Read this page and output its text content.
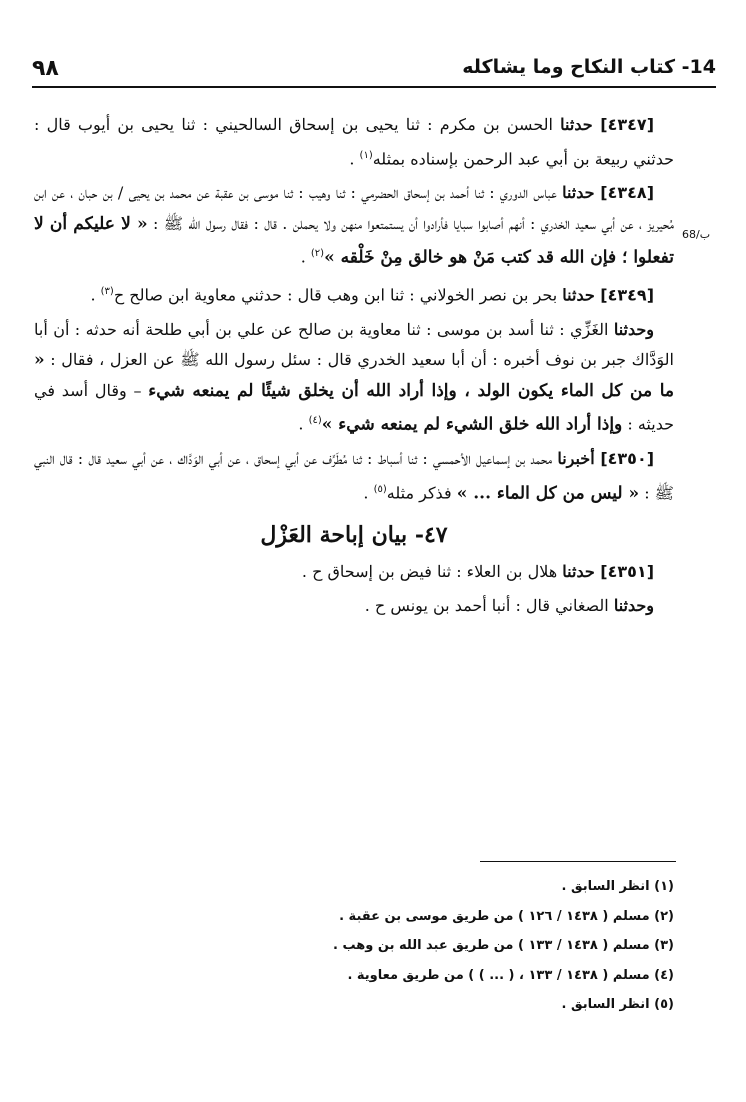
٩٨	14- كتاب النكاح وما يشاكله
68/ب

[٤٣٤٧] حدثنا الحسن بن مكرم : ثنا يحيى بن إسحاق السالحيني : ثنا يحيى بن أيوب قال : حدثني ربيعة بن أبي عبد الرحمن بإسناده بمثله$^{(١)}$ .

[٤٣٤٨] حدثنا عباس الدوري : ثنا أحمد بن إسحاق الحضرمي : ثنا وهيب : ثنا موسى بن عقبة عن محمد بن يحيى / بن حبان ، عن ابن مُحيريز ، عن أبي سعيد الخدري : أنهم أصابوا سبايا فأرادوا أن يستمتعوا منهن ولا يحملن . قال : فقال رسول الله ﷺ : « لا عليكم أن لا تفعلوا ؛ فإن الله قد كتب مَنْ هو خالق مِنْ خَلْقه »$^{(٢)}$ .

[٤٣٤٩] حدثنا بحر بن نصر الخولاني : ثنا ابن وهب قال : حدثني معاوية ابن صالح ح$^{(٣)}$ .

وحدثنا الغَزِّي : ثنا أسد بن موسى : ثنا معاوية بن صالح عن علي بن أبي طلحة أنه حدثه : أن أبا الوَدَّاك جبر بن نوف أخبره : أن أبا سعيد الخدري قال : سئل رسول الله ﷺ عن العزل ، فقال : « ما من كل الماء يكون الولد ، وإذا أراد الله أن يخلق شيئًا لم يمنعه شيء – وقال أسد في حديثه : وإذا أراد الله خلق الشيء لم يمنعه شيء »$^{(٤)}$ .

[٤٣٥٠] أخبرنا محمد بن إسماعيل الأحمسي : ثنا أسباط : ثنا مُطَرِّف عن أبي إسحاق ، عن أبي الوَدَّاك ، عن أبي سعيد قال : قال النبي ﷺ : « ليس من كل الماء ... » فذكر مثله$^{(٥)}$ .

٤٧- بيان إباحة العَزْل

[٤٣٥١] حدثنا هلال بن العلاء : ثنا فيض بن إسحاق ح .

وحدثنا الصغاني قال : أنبا أحمد بن يونس ح .

(١) انظر السابق .
(٢) مسلم ( ١٤٣٨ / ١٢٦ ) من طريق موسى بن عقبة .
(٣) مسلم ( ١٤٣٨ / ١٣٣ ) من طريق عبد الله بن وهب .
(٤) مسلم ( ١٤٣٨ / ١٣٣ ، ( ... ) ) من طريق معاوية .
(٥) انظر السابق .
